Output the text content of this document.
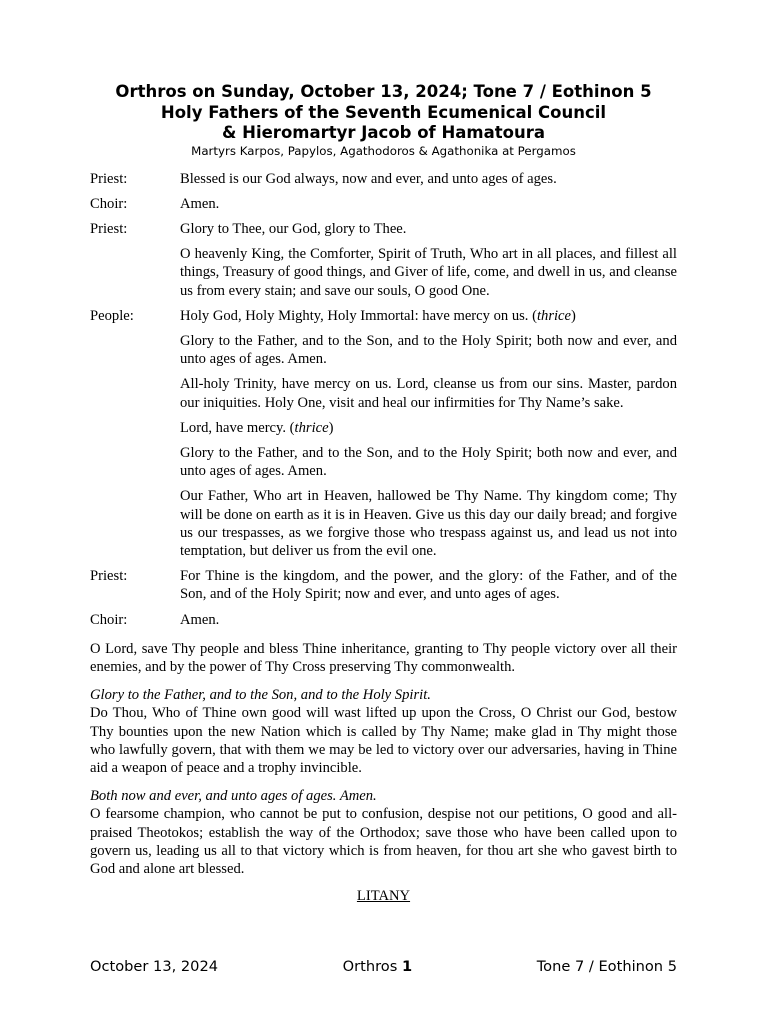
Orthros on Sunday, October 13, 2024; Tone 7 / Eothinon 5

Holy Fathers of the Seventh Ecumenical Council

& Hieromartyr Jacob of Hamatoura

Martyrs Karpos, Papylos, Agathodoros & Agathonika at Pergamos

Priest:	Blessed is our God always, now and ever, and unto ages of ages.
Choir:	Amen.
Priest:	Glory to Thee, our God, glory to Thee.
O heavenly King, the Comforter, Spirit of Truth, Who art in all places, and fillest all things, Treasury of good things, and Giver of life, come, and dwell in us, and cleanse us from every stain; and save our souls, O good One.
People:	Holy God, Holy Mighty, Holy Immortal: have mercy on us. (thrice)
Glory to the Father, and to the Son, and to the Holy Spirit; both now and ever, and unto ages of ages. Amen.
All-holy Trinity, have mercy on us. Lord, cleanse us from our sins. Master, pardon our iniquities. Holy One, visit and heal our infirmities for Thy Name’s sake.
Lord, have mercy. (thrice)
Glory to the Father, and to the Son, and to the Holy Spirit; both now and ever, and unto ages of ages. Amen.
Our Father, Who art in Heaven, hallowed be Thy Name. Thy kingdom come; Thy will be done on earth as it is in Heaven. Give us this day our daily bread; and forgive us our trespasses, as we forgive those who trespass against us, and lead us not into temptation, but deliver us from the evil one.
Priest:	For Thine is the kingdom, and the power, and the glory: of the Father, and of the Son, and of the Holy Spirit; now and ever, and unto ages of ages.
Choir:	Amen.

O Lord, save Thy people and bless Thine inheritance, granting to Thy people victory over all their enemies, and by the power of Thy Cross preserving Thy commonwealth.

Glory to the Father, and to the Son, and to the Holy Spirit.
Do Thou, Who of Thine own good will wast lifted up upon the Cross, O Christ our God, bestow Thy bounties upon the new Nation which is called by Thy Name; make glad in Thy might those who lawfully govern, that with them we may be led to victory over our adversaries, having in Thine aid a weapon of peace and a trophy invincible.

Both now and ever, and unto ages of ages. Amen.
O fearsome champion, who cannot be put to confusion, despise not our petitions, O good and all-praised Theotokos; establish the way of the Orthodox; save those who have been called upon to govern us, leading us all to that victory which is from heaven, for thou art she who gavest birth to God and alone art blessed.

LITANY
October 13, 2024	Orthros 1	Tone 7 / Eothinon 5
